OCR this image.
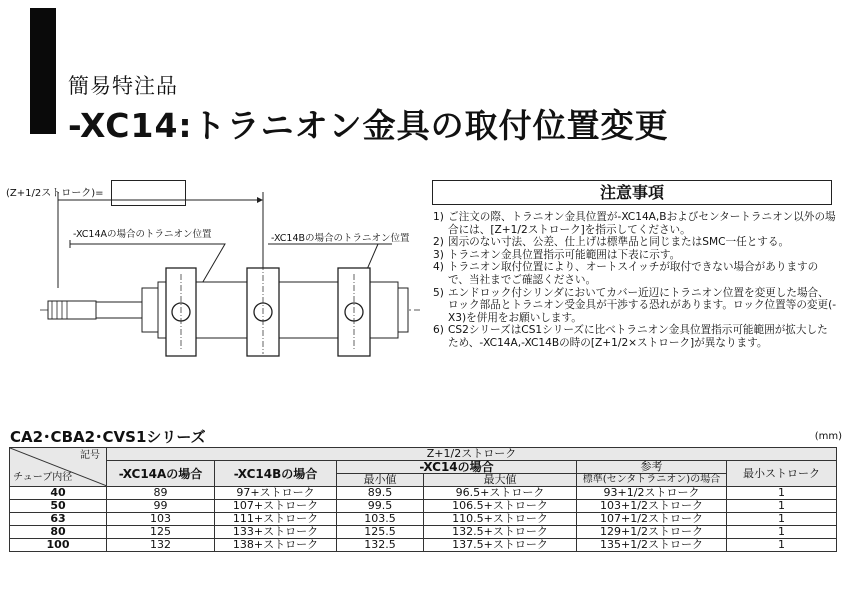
簡易特注品
-XC14:トラニオン金具の取付位置変更
(Z+1/2ストローク)=
-XC14Aの場合のトラニオン位置	-XC14Bの場合のトラニオン位置
注意事項
1) ご注文の際、トラニオン金具位置が-XC14A,Bおよびセンタートラニオン以外の場合には、[Z+1/2ストローク]を指示してください。
2) 図示のない寸法、公差、仕上げは標準品と同じまたはSMC一任とする。
3) トラニオン金具位置指示可能範囲は下表に示す。
4) トラニオン取付位置により、オートスイッチが取付できない場合がありますので、当社までご確認ください。
5) エンドロック付シリンダにおいてカバー近辺にトラニオン位置を変更した場合、ロック部品とトラニオン受金具が干渉する恐れがあります。ロック位置等の変更(-X3)を併用をお願いします。
6) CS2シリーズはCS1シリーズに比べトラニオン金具位置指示可能範囲が拡大したため、-XC14A,-XC14Bの時の[Z+1/2×ストローク]が異なります。
CA2･CBA2･CVS1シリーズ	(mm)
記号
チューブ内径	Z+1/2ストローク					
	-XC14Aの場合	-XC14Bの場合	-XC14の場合		参考	最小ストローク
			最小値	最大値	標準(センタトラニオン)の場合	
40	89	97+ストローク	89.5	96.5+ストローク	93+1/2ストローク	1
50	99	107+ストローク	99.5	106.5+ストローク	103+1/2ストローク	1
63	103	111+ストローク	103.5	110.5+ストローク	107+1/2ストローク	1
80	125	133+ストローク	125.5	132.5+ストローク	129+1/2ストローク	1
100	132	138+ストローク	132.5	137.5+ストローク	135+1/2ストローク	1
